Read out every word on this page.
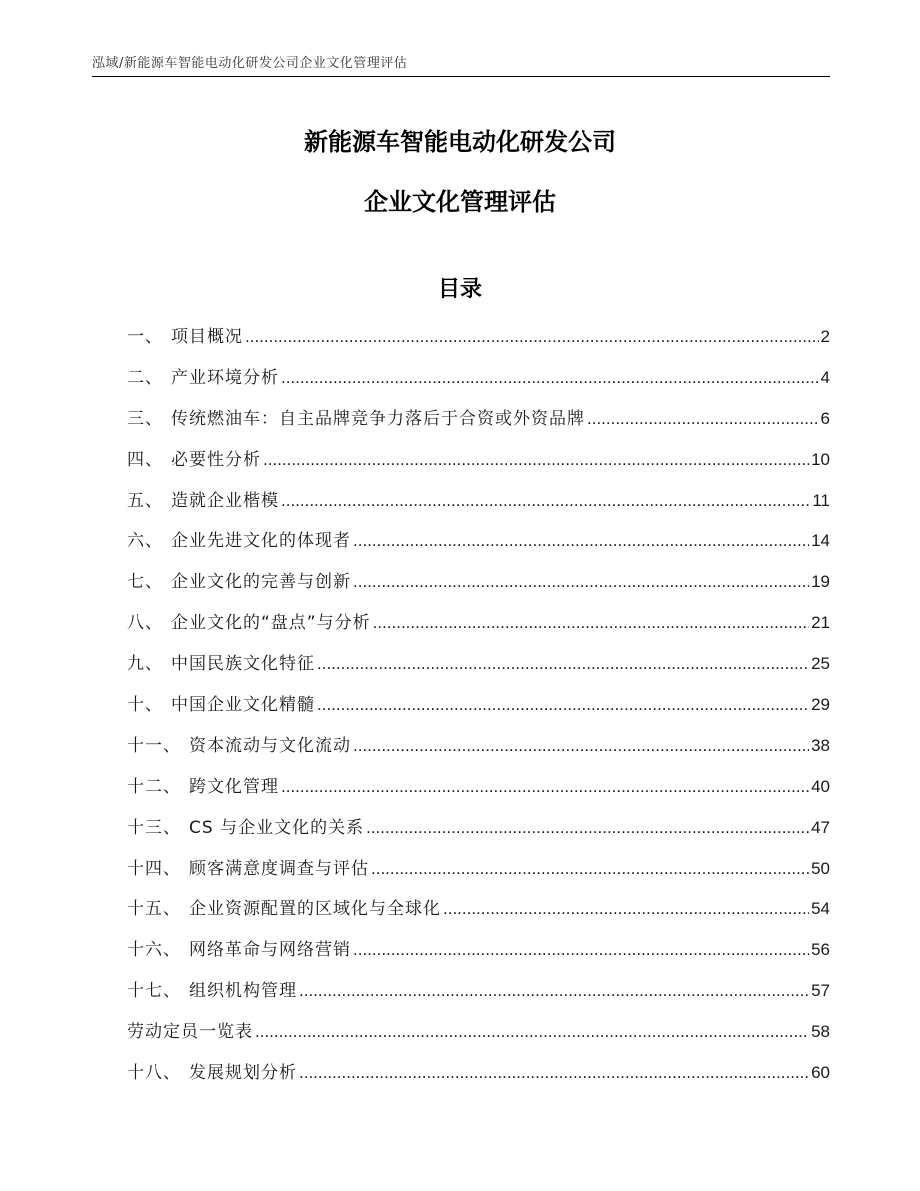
泓域/新能源车智能电动化研发公司企业文化管理评估
新能源车智能电动化研发公司
企业文化管理评估
目录
一、 项目概况 .....	2
二、 产业环境分析 .....	4
三、 传统燃油车：自主品牌竞争力落后于合资或外资品牌 .....	6
四、 必要性分析 .....	10
五、 造就企业楷模 .....	11
六、 企业先进文化的体现者 .....	14
七、 企业文化的完善与创新 .....	19
八、 企业文化的“盘点”与分析 .....	21
九、 中国民族文化特征 .....	25
十、 中国企业文化精髓 .....	29
十一、 资本流动与文化流动 .....	38
十二、 跨文化管理 .....	40
十三、 CS 与企业文化的关系 .....	47
十四、 顾客满意度调查与评估 .....	50
十五、 企业资源配置的区域化与全球化 .....	54
十六、 网络革命与网络营销 .....	56
十七、 组织机构管理 .....	57
劳动定员一览表 .....	58
十八、 发展规划分析 .....	60
